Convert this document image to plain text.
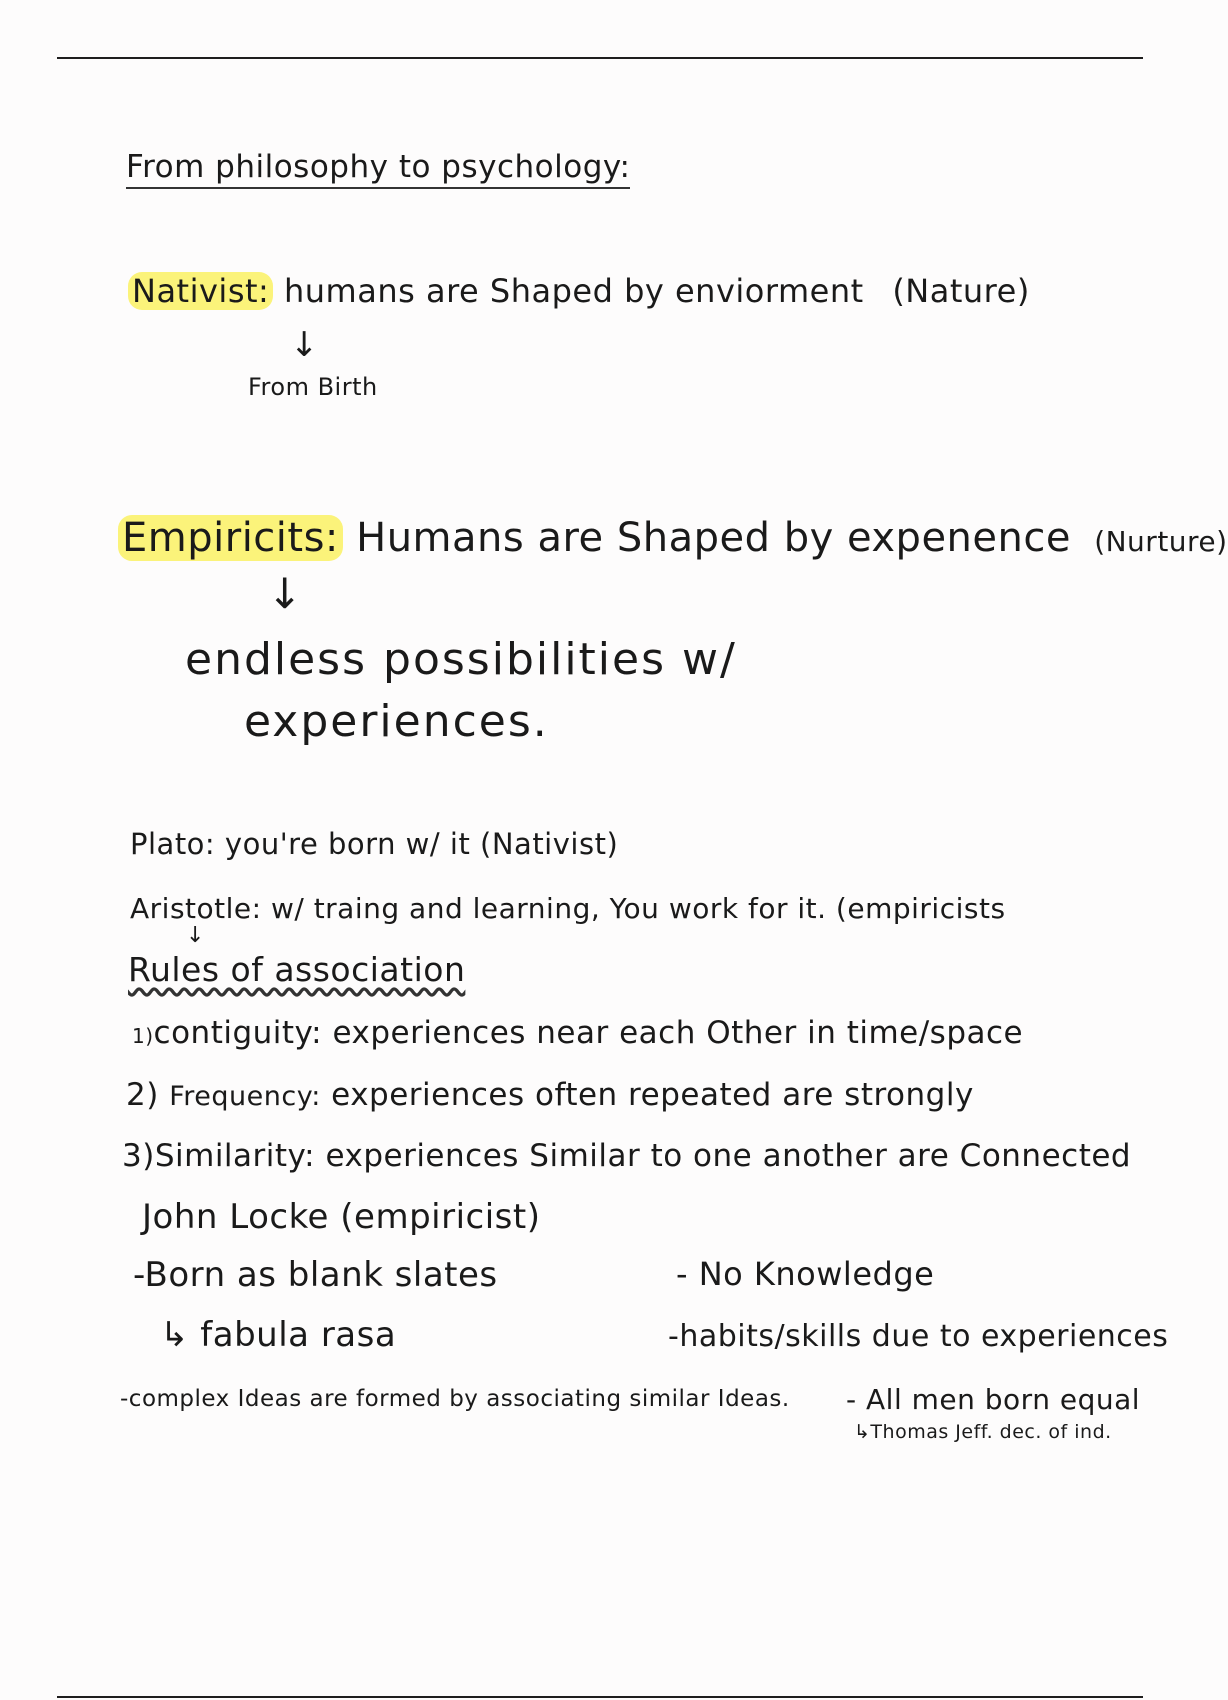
From philosophy to psychology:
Nativist: humans are Shaped by enviorment (Nature)
↓
From Birth
Empiricits: Humans are Shaped by expenence (Nurture)
↓
endless possibilities w/
experiences.
Plato: you're born w/ it (Nativist)
Aristotle: w/ traing and learning, You work for it. (empiricists
↓
Rules of association
1)contiguity: experiences near each Other in time/space
2) Frequency: experiences often repeated are strongly
3)Similarity: experiences Similar to one another are Connected
John Locke (empiricist)
-Born as blank slates
↳ fabula rasa
- No Knowledge
-habits/skills due to experiences
-complex Ideas are formed by associating similar Ideas. - All men born equal
↳Thomas Jeff. dec. of ind.
